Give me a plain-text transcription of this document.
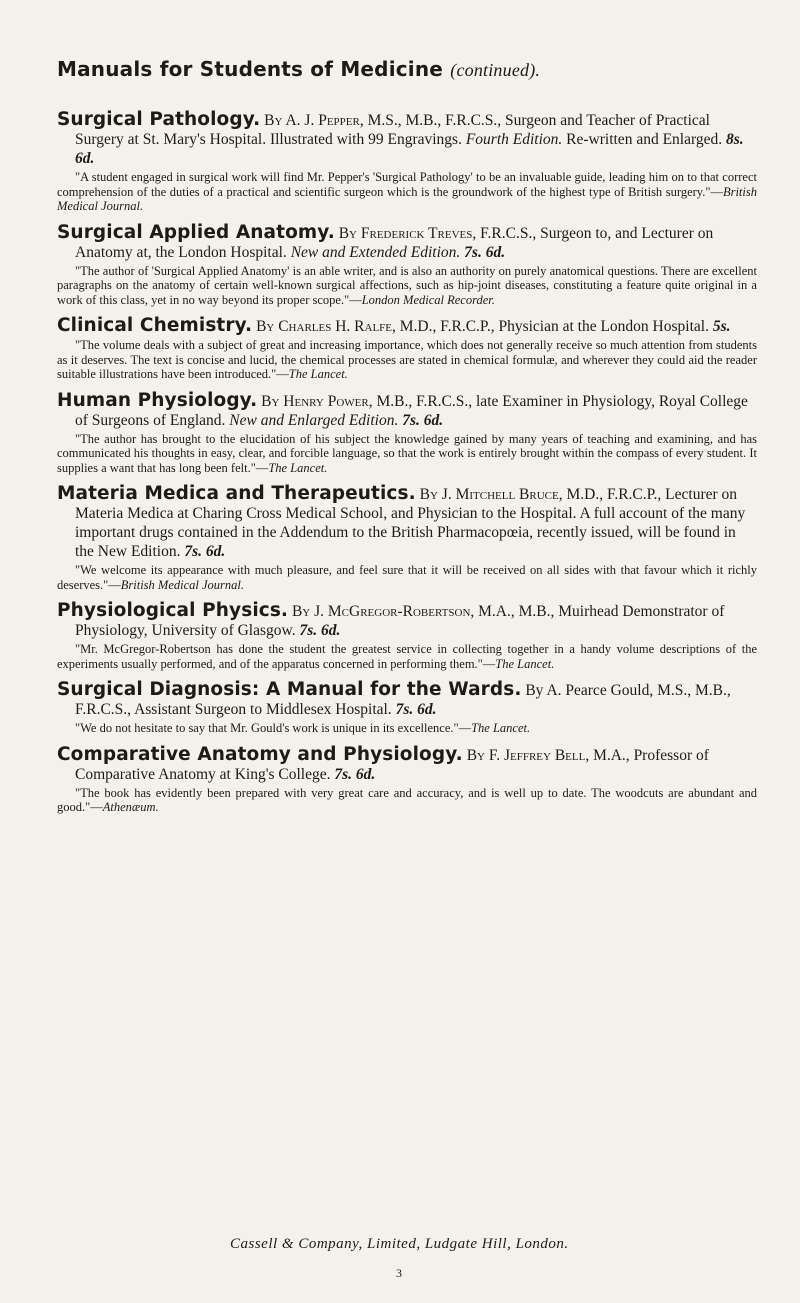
Manuals for Students of Medicine (continued).

Surgical Pathology. By A. J. Pepper, M.S., M.B., F.R.C.S., Surgeon and Teacher of Practical Surgery at St. Mary's Hospital. Illustrated with 99 Engravings. Fourth Edition. Re-written and Enlarged. 8s. 6d.

"A student engaged in surgical work will find Mr. Pepper's 'Surgical Pathology' to be an invaluable guide, leading him on to that correct comprehension of the duties of a practical and scientific surgeon which is the groundwork of the highest type of British surgery."—British Medical Journal.

Surgical Applied Anatomy. By Frederick Treves, F.R.C.S., Surgeon to, and Lecturer on Anatomy at, the London Hospital. New and Extended Edition. 7s. 6d.

"The author of 'Surgical Applied Anatomy' is an able writer, and is also an authority on purely anatomical questions. There are excellent paragraphs on the anatomy of certain well-known surgical affections, such as hip-joint diseases, constituting a feature quite original in a work of this class, yet in no way beyond its proper scope."—London Medical Recorder.

Clinical Chemistry. By Charles H. Ralfe, M.D., F.R.C.P., Physician at the London Hospital. 5s.

"The volume deals with a subject of great and increasing importance, which does not generally receive so much attention from students as it deserves. The text is concise and lucid, the chemical processes are stated in chemical formulæ, and wherever they could aid the reader suitable illustrations have been introduced."—The Lancet.

Human Physiology. By Henry Power, M.B., F.R.C.S., late Examiner in Physiology, Royal College of Surgeons of England. New and Enlarged Edition. 7s. 6d.

"The author has brought to the elucidation of his subject the knowledge gained by many years of teaching and examining, and has communicated his thoughts in easy, clear, and forcible language, so that the work is entirely brought within the compass of every student. It supplies a want that has long been felt."—The Lancet.

Materia Medica and Therapeutics. By J. Mitchell Bruce, M.D., F.R.C.P., Lecturer on Materia Medica at Charing Cross Medical School, and Physician to the Hospital. A full account of the many important drugs contained in the Addendum to the British Pharmacopœia, recently issued, will be found in the New Edition. 7s. 6d.

"We welcome its appearance with much pleasure, and feel sure that it will be received on all sides with that favour which it richly deserves."—British Medical Journal.

Physiological Physics. By J. McGregor-Robertson, M.A., M.B., Muirhead Demonstrator of Physiology, University of Glasgow. 7s. 6d.

"Mr. McGregor-Robertson has done the student the greatest service in collecting together in a handy volume descriptions of the experiments usually performed, and of the apparatus concerned in performing them."—The Lancet.

Surgical Diagnosis: A Manual for the Wards. By A. Pearce Gould, M.S., M.B., F.R.C.S., Assistant Surgeon to Middlesex Hospital. 7s. 6d.

"We do not hesitate to say that Mr. Gould's work is unique in its excellence."—The Lancet.

Comparative Anatomy and Physiology. By F. Jeffrey Bell, M.A., Professor of Comparative Anatomy at King's College. 7s. 6d.

"The book has evidently been prepared with very great care and accuracy, and is well up to date. The woodcuts are abundant and good."—Athenæum.

Cassell & Company, Limited, Ludgate Hill, London.
3
